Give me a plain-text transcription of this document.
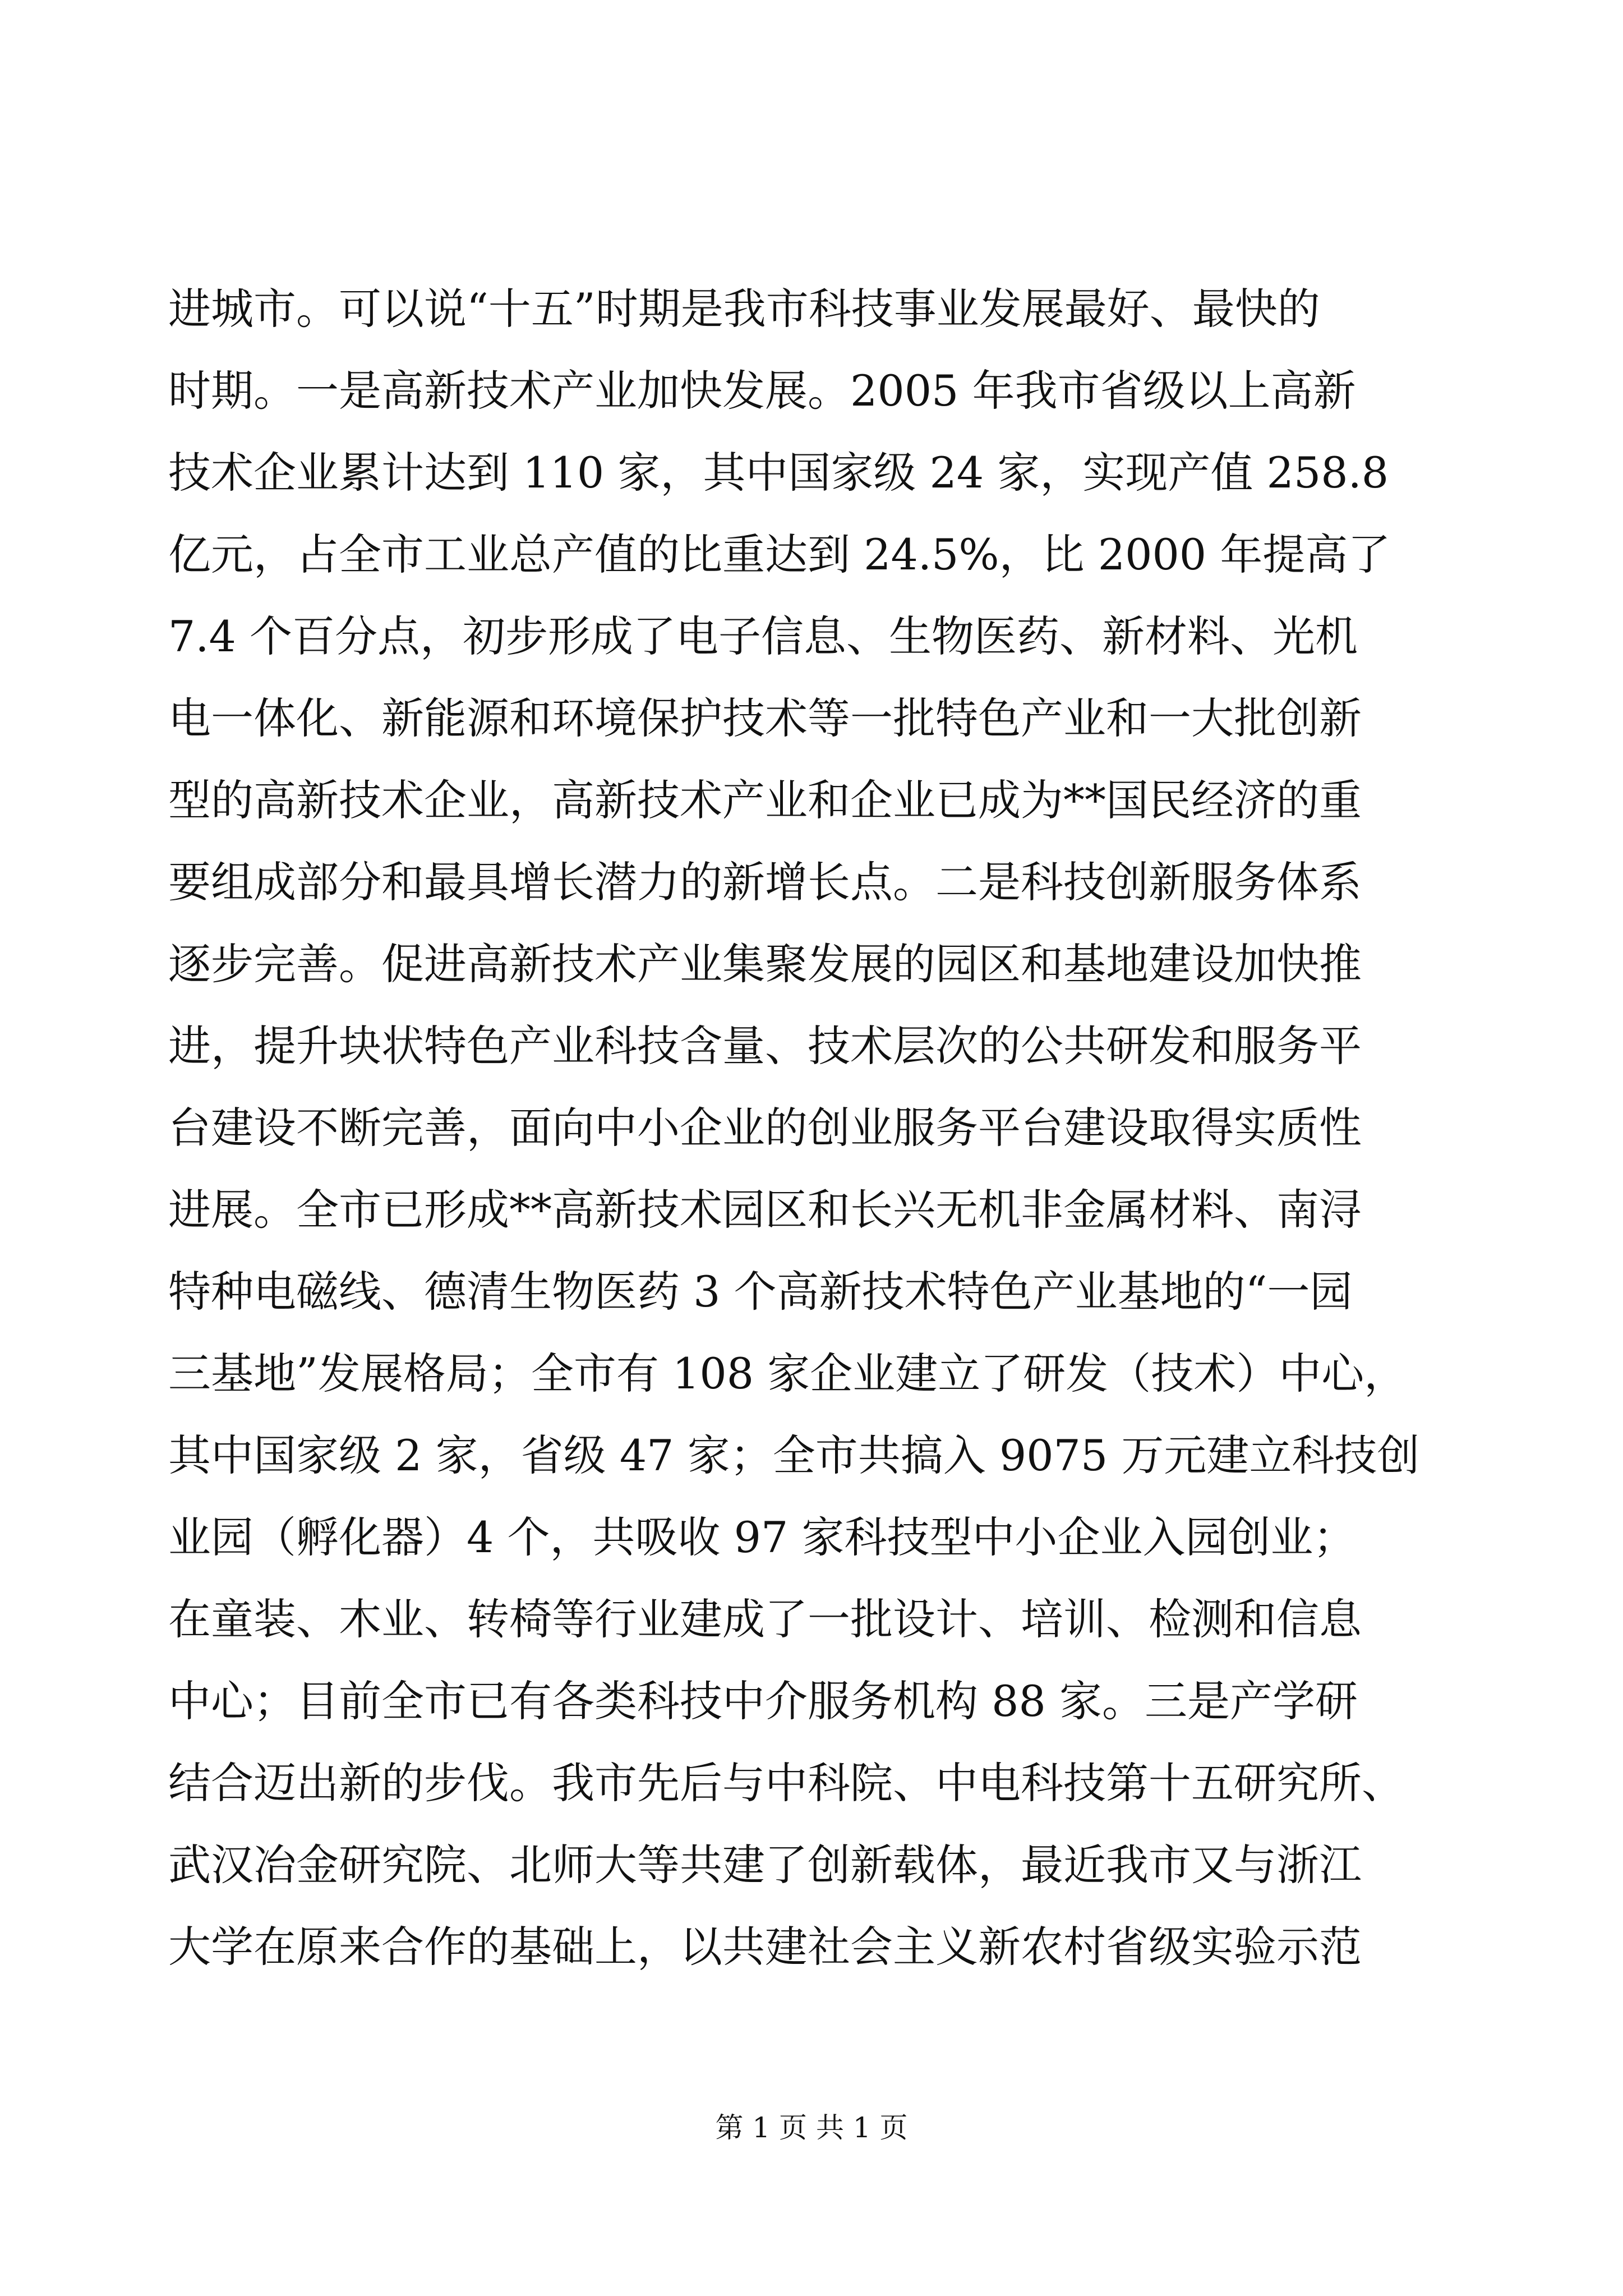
进城市。可以说“十五”时期是我市科技事业发展最好、最快的
时期。一是高新技术产业加快发展。2005 年我市省级以上高新
技术企业累计达到 110 家，其中国家级 24 家，实现产值 258.8
亿元，占全市工业总产值的比重达到 24.5%，比 2000 年提高了
7.4 个百分点，初步形成了电子信息、生物医药、新材料、光机
电一体化、新能源和环境保护技术等一批特色产业和一大批创新
型的高新技术企业，高新技术产业和企业已成为**国民经济的重
要组成部分和最具增长潜力的新增长点。二是科技创新服务体系
逐步完善。促进高新技术产业集聚发展的园区和基地建设加快推
进，提升块状特色产业科技含量、技术层次的公共研发和服务平
台建设不断完善，面向中小企业的创业服务平台建设取得实质性
进展。全市已形成**高新技术园区和长兴无机非金属材料、南浔
特种电磁线、德清生物医药 3 个高新技术特色产业基地的“一园
三基地”发展格局；全市有 108 家企业建立了研发（技术）中心，
其中国家级 2 家，省级 47 家；全市共搞入 9075 万元建立科技创
业园（孵化器）4 个，共吸收 97 家科技型中小企业入园创业；
在童装、木业、转椅等行业建成了一批设计、培训、检测和信息
中心；目前全市已有各类科技中介服务机构 88 家。三是产学研
结合迈出新的步伐。我市先后与中科院、中电科技第十五研究所、
武汉冶金研究院、北师大等共建了创新载体，最近我市又与浙江
大学在原来合作的基础上，以共建社会主义新农村省级实验示范
第 1 页 共 1 页
